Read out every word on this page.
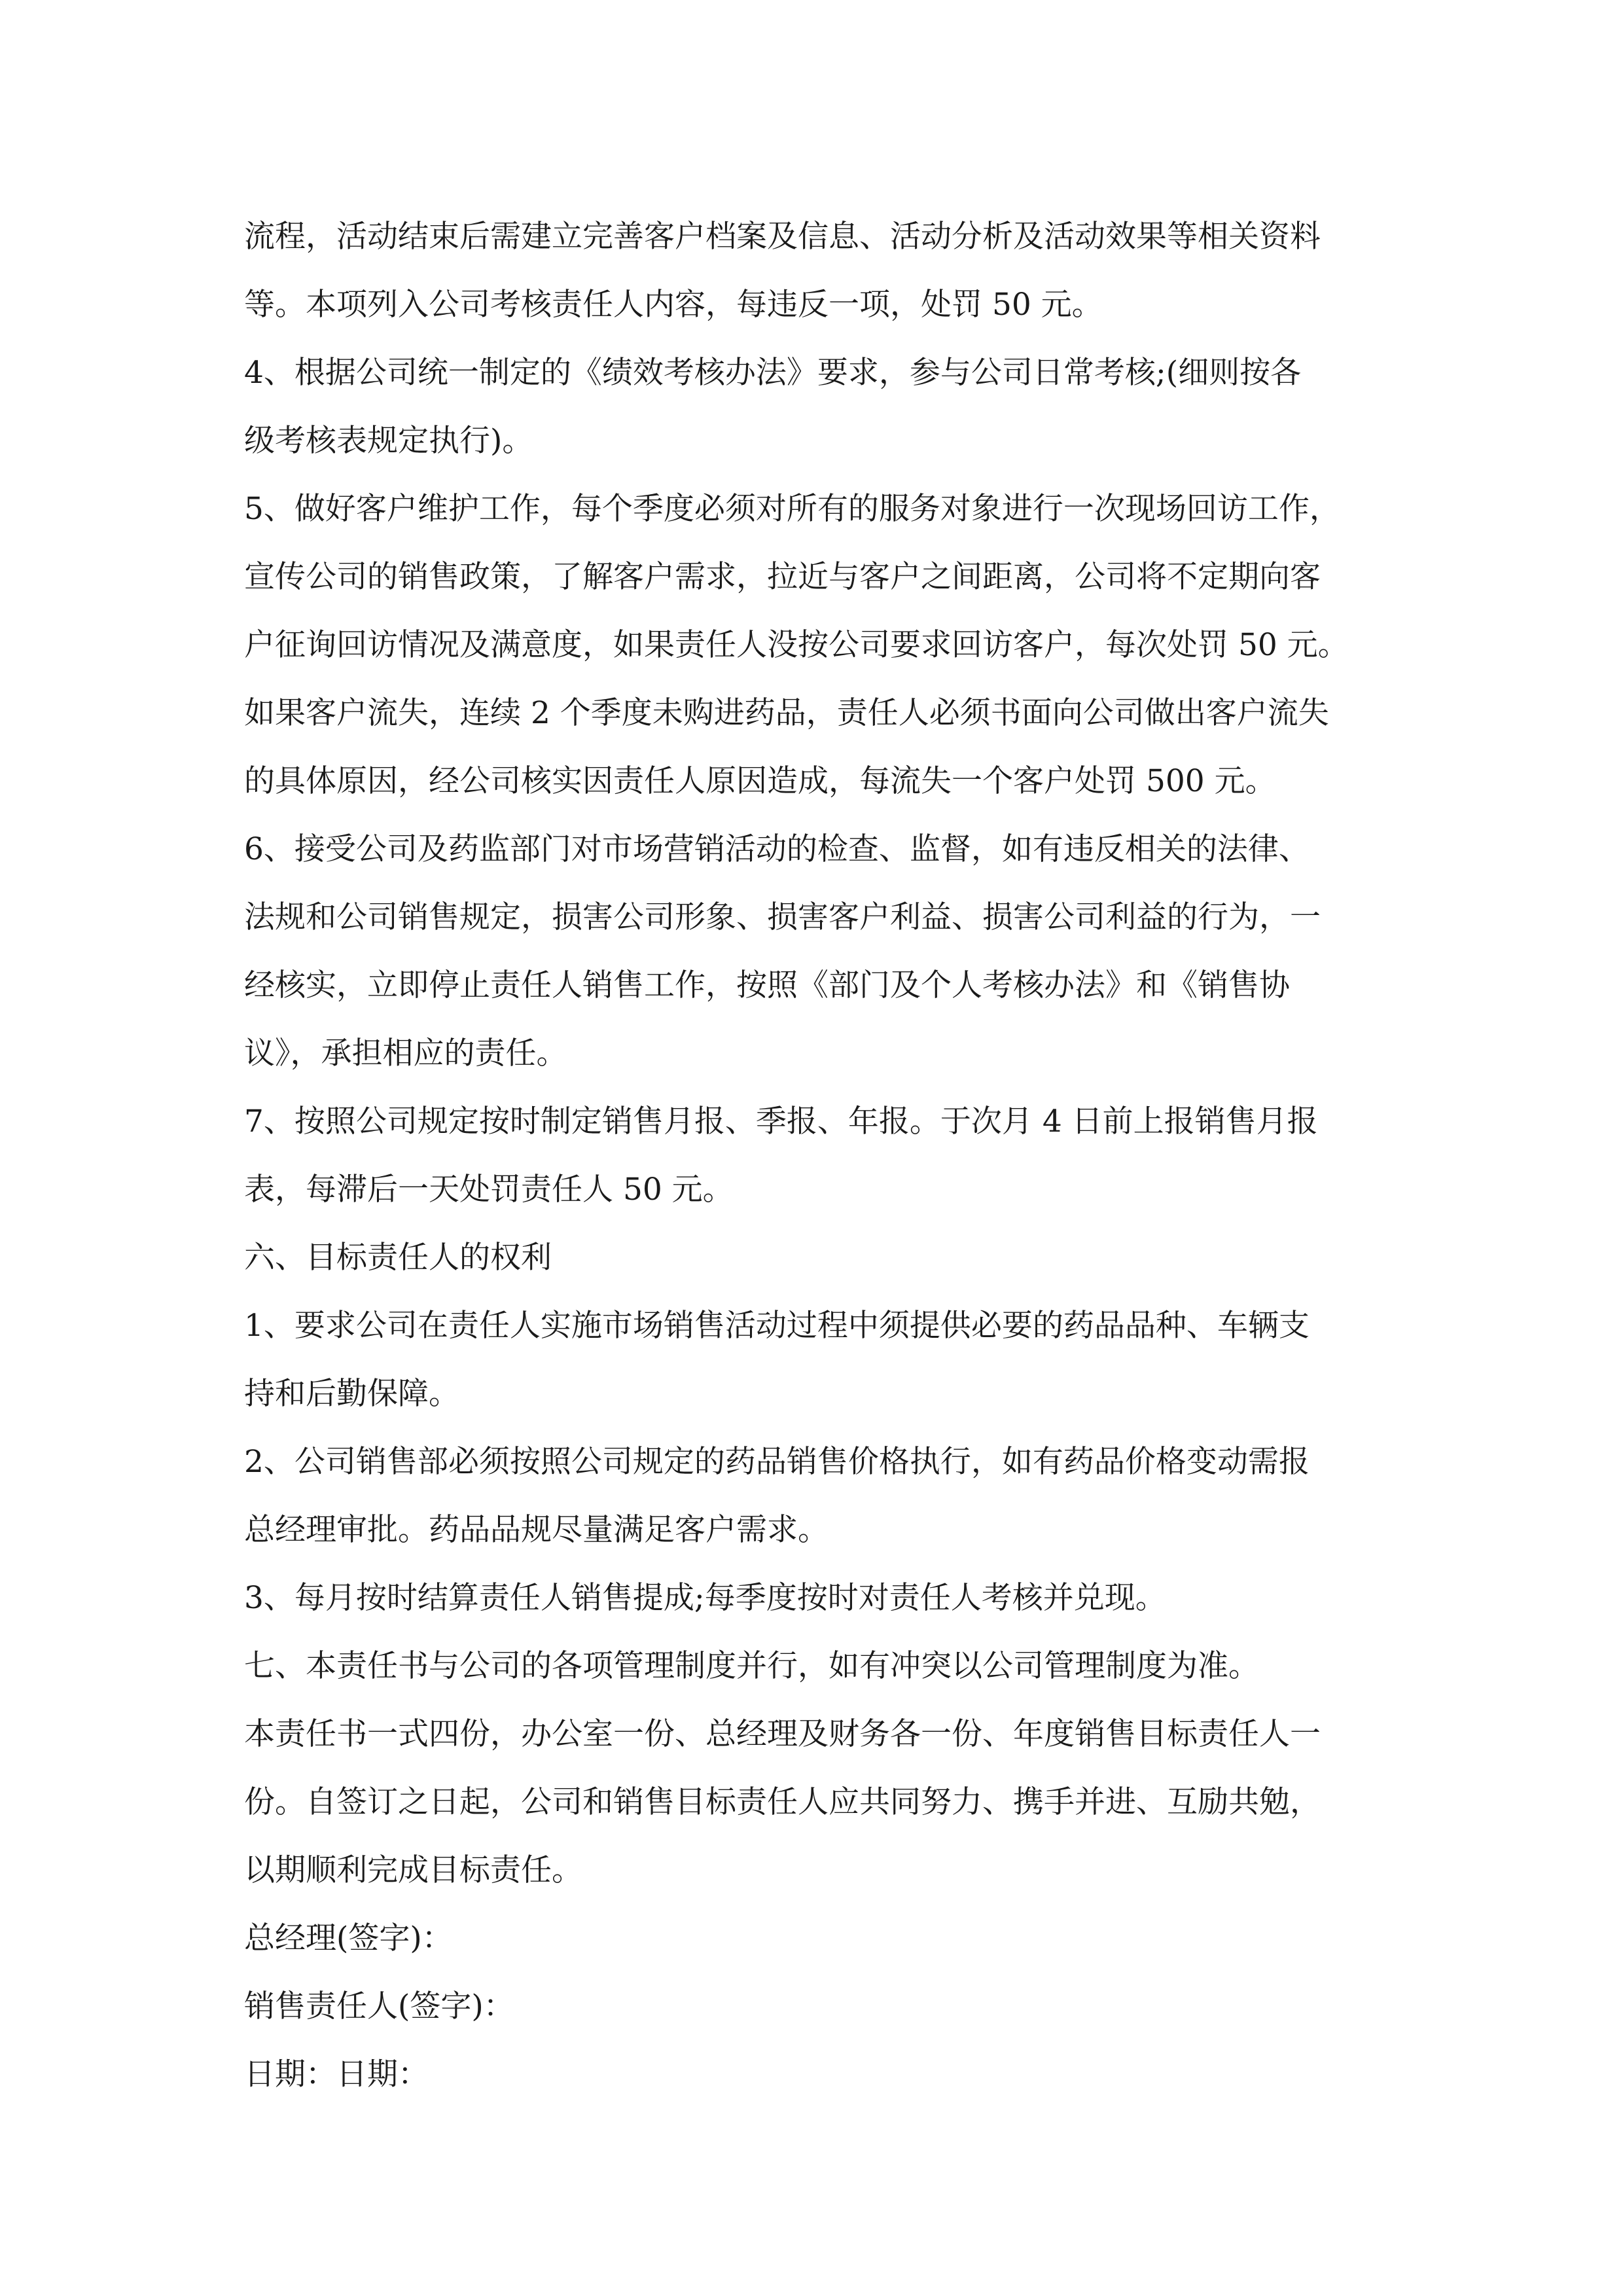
流程，活动结束后需建立完善客户档案及信息、活动分析及活动效果等相关资料
等。本项列入公司考核责任人内容，每违反一项，处罚 50 元。
4、根据公司统一制定的《绩效考核办法》要求，参与公司日常考核;(细则按各
级考核表规定执行)。
5、做好客户维护工作，每个季度必须对所有的服务对象进行一次现场回访工作，
宣传公司的销售政策，了解客户需求，拉近与客户之间距离，公司将不定期向客
户征询回访情况及满意度，如果责任人没按公司要求回访客户，每次处罚 50 元。
如果客户流失，连续 2 个季度未购进药品，责任人必须书面向公司做出客户流失
的具体原因，经公司核实因责任人原因造成，每流失一个客户处罚 500 元。
6、接受公司及药监部门对市场营销活动的检查、监督，如有违反相关的法律、
法规和公司销售规定，损害公司形象、损害客户利益、损害公司利益的行为，一
经核实，立即停止责任人销售工作，按照《部门及个人考核办法》和《销售协
议》，承担相应的责任。
7、按照公司规定按时制定销售月报、季报、年报。于次月 4 日前上报销售月报
表，每滞后一天处罚责任人 50 元。
六、目标责任人的权利
1、要求公司在责任人实施市场销售活动过程中须提供必要的药品品种、车辆支
持和后勤保障。
2、公司销售部必须按照公司规定的药品销售价格执行，如有药品价格变动需报
总经理审批。药品品规尽量满足客户需求。
3、每月按时结算责任人销售提成;每季度按时对责任人考核并兑现。
七、本责任书与公司的各项管理制度并行，如有冲突以公司管理制度为准。
本责任书一式四份，办公室一份、总经理及财务各一份、年度销售目标责任人一
份。自签订之日起，公司和销售目标责任人应共同努力、携手并进、互励共勉，
以期顺利完成目标责任。
总经理(签字)：
销售责任人(签字)：
日期：日期：
